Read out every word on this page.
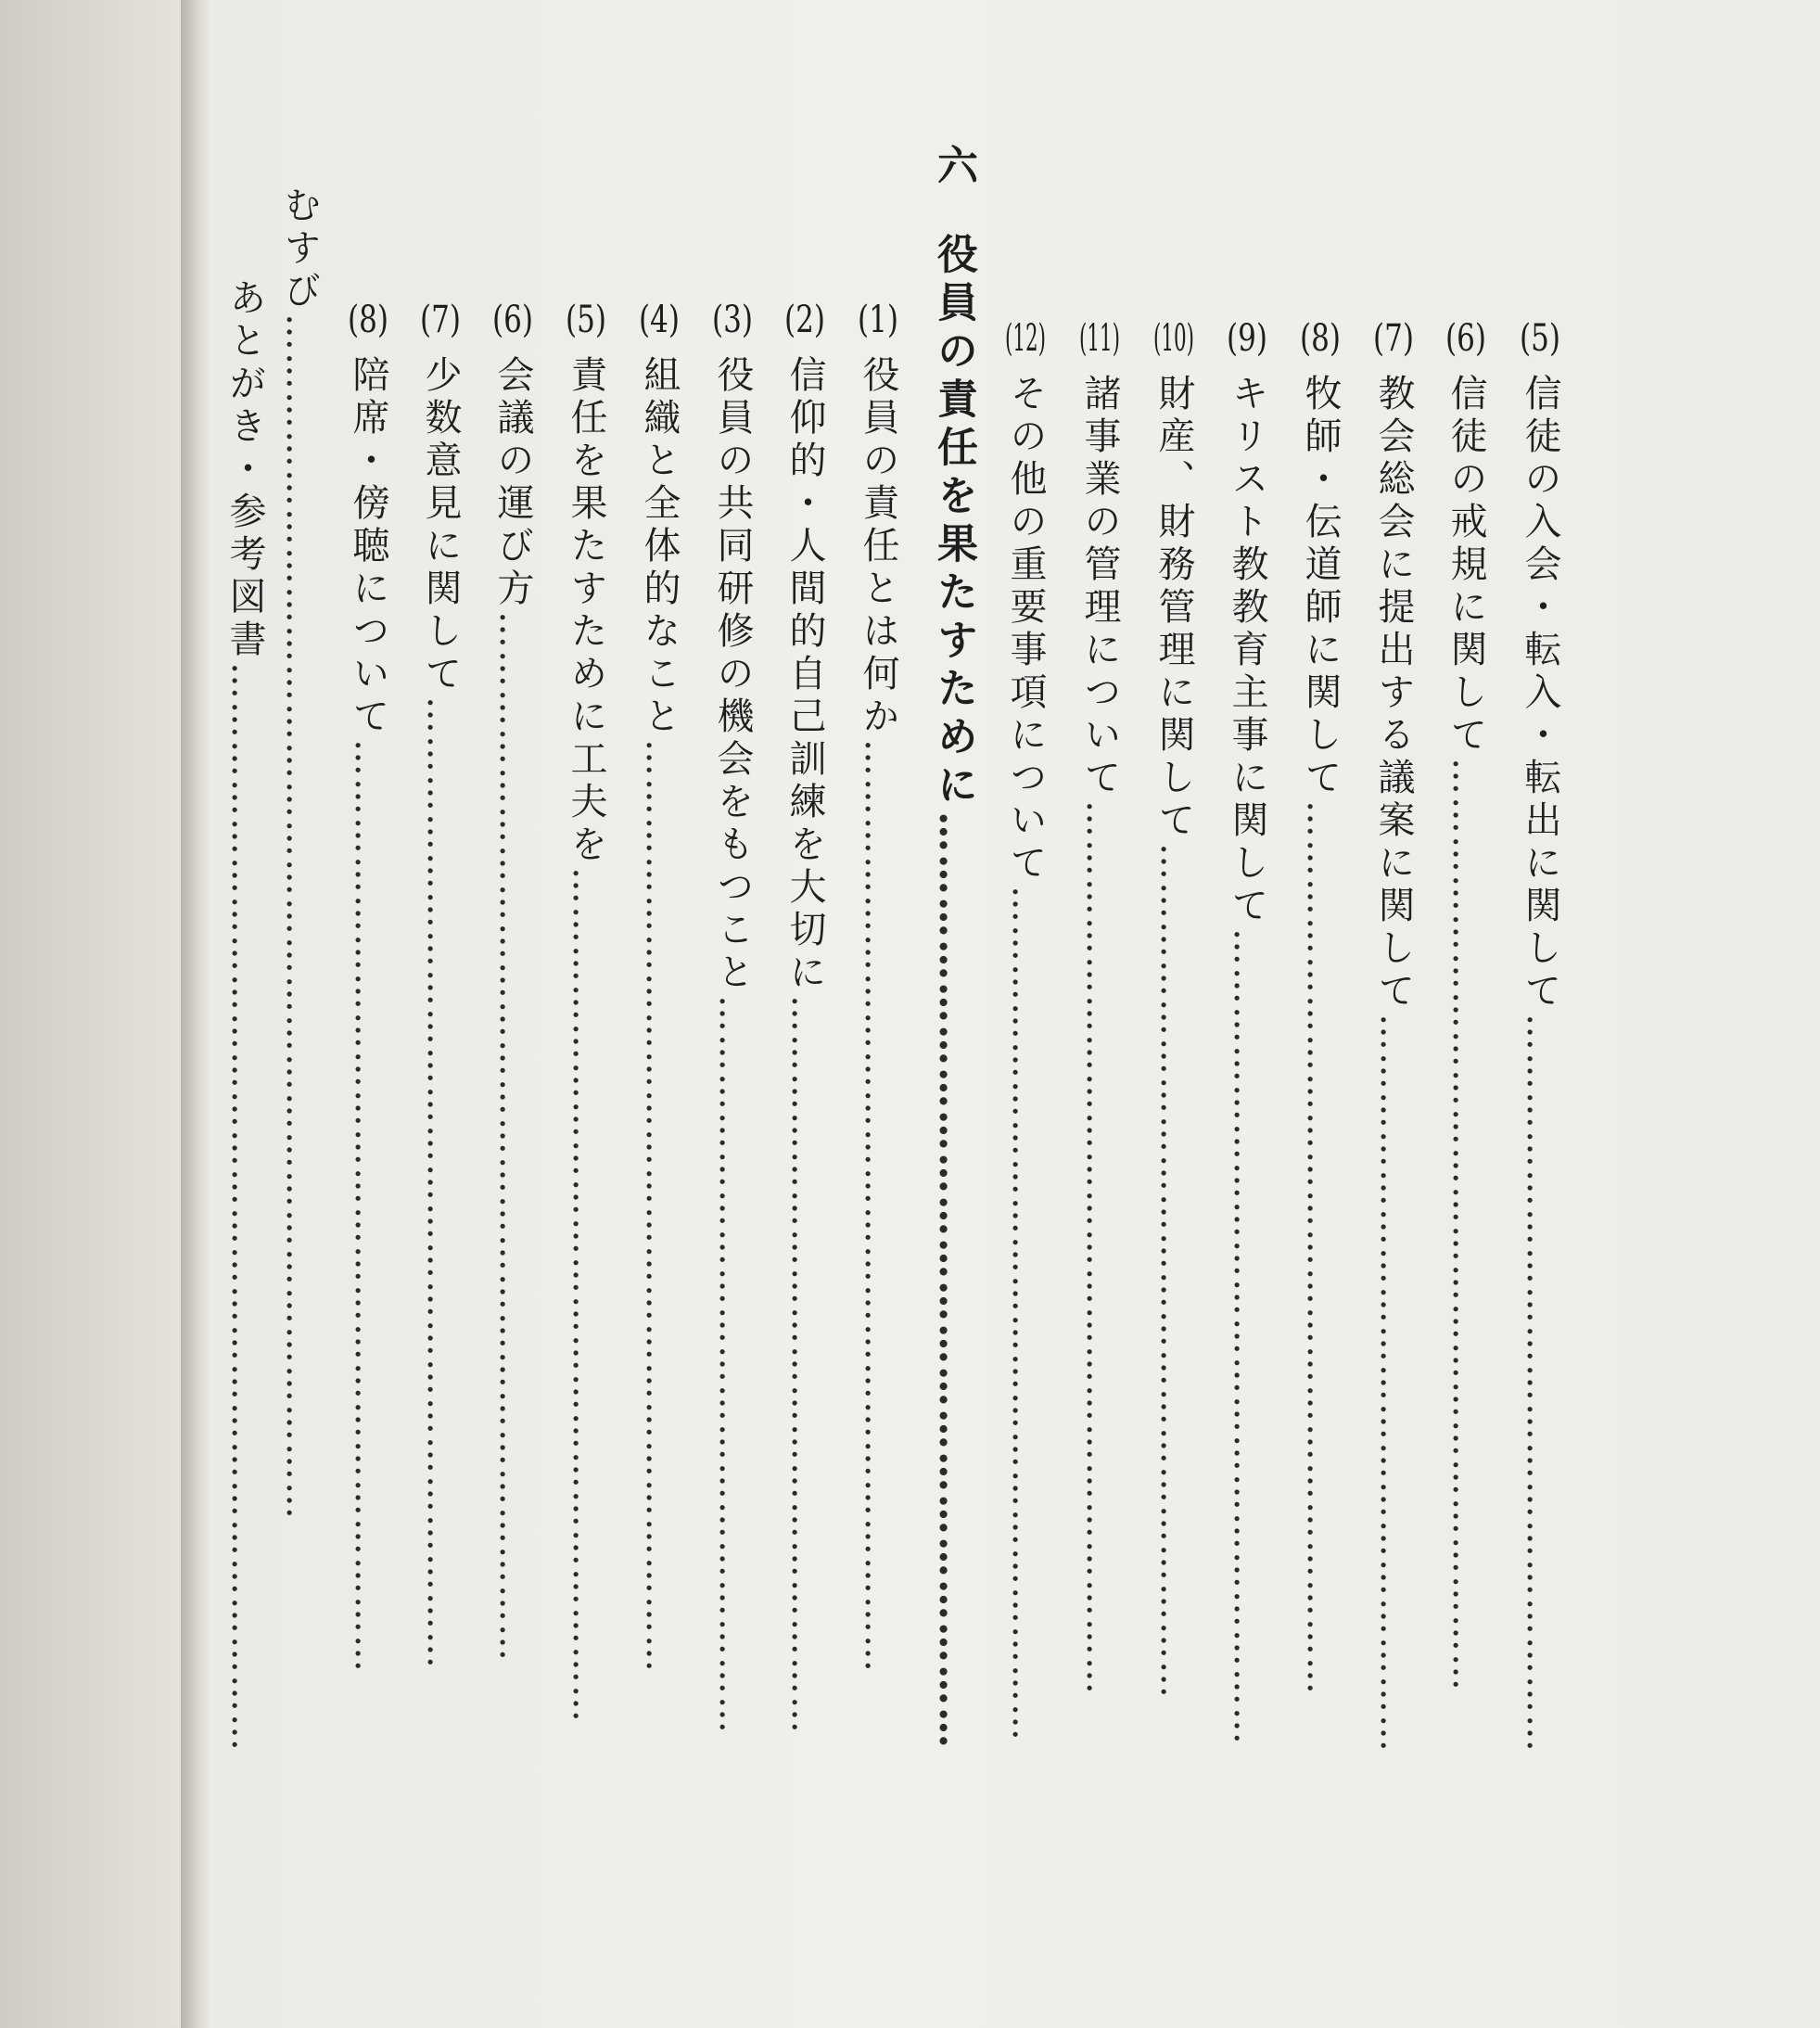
(5)信徒の入会・転入・転出に関して…………………………………………………
(6)信徒の戒規に関して………………………………………………………………
(7)教会総会に提出する議案に関して…………………………………………………
(8)牧師・伝道師に関して……………………………………………………………
(9)キリスト教教育主事に関して………………………………………………………
(10)財産、財務管理に関して…………………………………………………………
(11)諸事業の管理について……………………………………………………………
(12)その他の重要事項について…………………………………………………………
六役員の責任を果たすために…………………………………………………………
(1)役員の責任とは何か………………………………………………………………
(2)信仰的・人間的自己訓練を大切に…………………………………………………
(3)役員の共同研修の機会をもつこと…………………………………………………
(4)組織と全体的なこと………………………………………………………………
(5)責任を果たすために工夫を…………………………………………………………
(6)会議の運び方………………………………………………………………………
(7)少数意見に関して…………………………………………………………………
(8)陪席・傍聴について………………………………………………………………
むすび…………………………………………………………………………………
あとがき・参考図書…………………………………………………………………………
